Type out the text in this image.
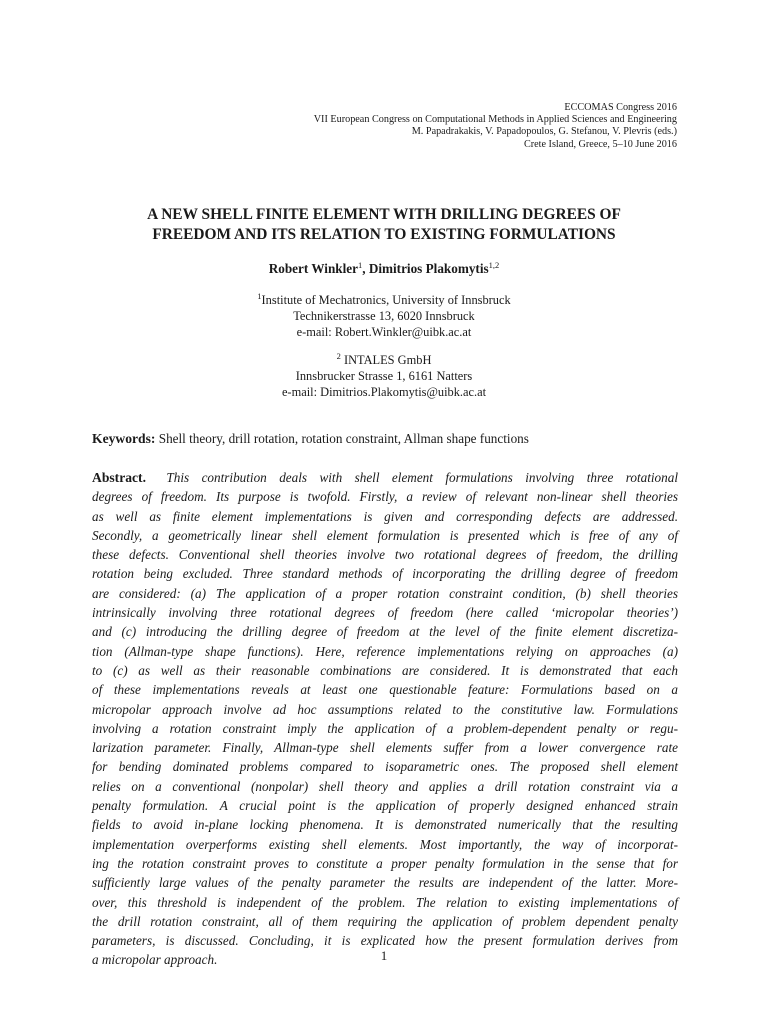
ECCOMAS Congress 2016
VII European Congress on Computational Methods in Applied Sciences and Engineering
M. Papadrakakis, V. Papadopoulos, G. Stefanou, V. Plevris (eds.)
Crete Island, Greece, 5–10 June 2016
A NEW SHELL FINITE ELEMENT WITH DRILLING DEGREES OF
FREEDOM AND ITS RELATION TO EXISTING FORMULATIONS
Robert Winkler$^1$, Dimitrios Plakomytis$^{1,2}$
$^1$Institute of Mechatronics, University of Innsbruck
Technikerstrasse 13, 6020 Innsbruck
e-mail: Robert.Winkler@uibk.ac.at
$^2$ INTALES GmbH
Innsbrucker Strasse 1, 6161 Natters
e-mail: Dimitrios.Plakomytis@uibk.ac.at
Keywords: Shell theory, drill rotation, rotation constraint, Allman shape functions
Abstract. This contribution deals with shell element formulations involving three rotational
degrees of freedom. Its purpose is twofold. Firstly, a review of relevant non-linear shell theories
as well as finite element implementations is given and corresponding defects are addressed.
Secondly, a geometrically linear shell element formulation is presented which is free of any of
these defects. Conventional shell theories involve two rotational degrees of freedom, the drilling
rotation being excluded. Three standard methods of incorporating the drilling degree of freedom
are considered: (a) The application of a proper rotation constraint condition, (b) shell theories
intrinsically involving three rotational degrees of freedom (here called ‘micropolar theories’)
and (c) introducing the drilling degree of freedom at the level of the finite element discretiza-
tion (Allman-type shape functions). Here, reference implementations relying on approaches (a)
to (c) as well as their reasonable combinations are considered. It is demonstrated that each
of these implementations reveals at least one questionable feature: Formulations based on a
micropolar approach involve ad hoc assumptions related to the constitutive law. Formulations
involving a rotation constraint imply the application of a problem-dependent penalty or regu-
larization parameter. Finally, Allman-type shell elements suffer from a lower convergence rate
for bending dominated problems compared to isoparametric ones. The proposed shell element
relies on a conventional (nonpolar) shell theory and applies a drill rotation constraint via a
penalty formulation. A crucial point is the application of properly designed enhanced strain
fields to avoid in-plane locking phenomena. It is demonstrated numerically that the resulting
implementation overperforms existing shell elements. Most importantly, the way of incorporat-
ing the rotation constraint proves to constitute a proper penalty formulation in the sense that for
sufficiently large values of the penalty parameter the results are independent of the latter. More-
over, this threshold is independent of the problem. The relation to existing implementations of
the drill rotation constraint, all of them requiring the application of problem dependent penalty
parameters, is discussed. Concluding, it is explicated how the present formulation derives from
a micropolar approach.	1
